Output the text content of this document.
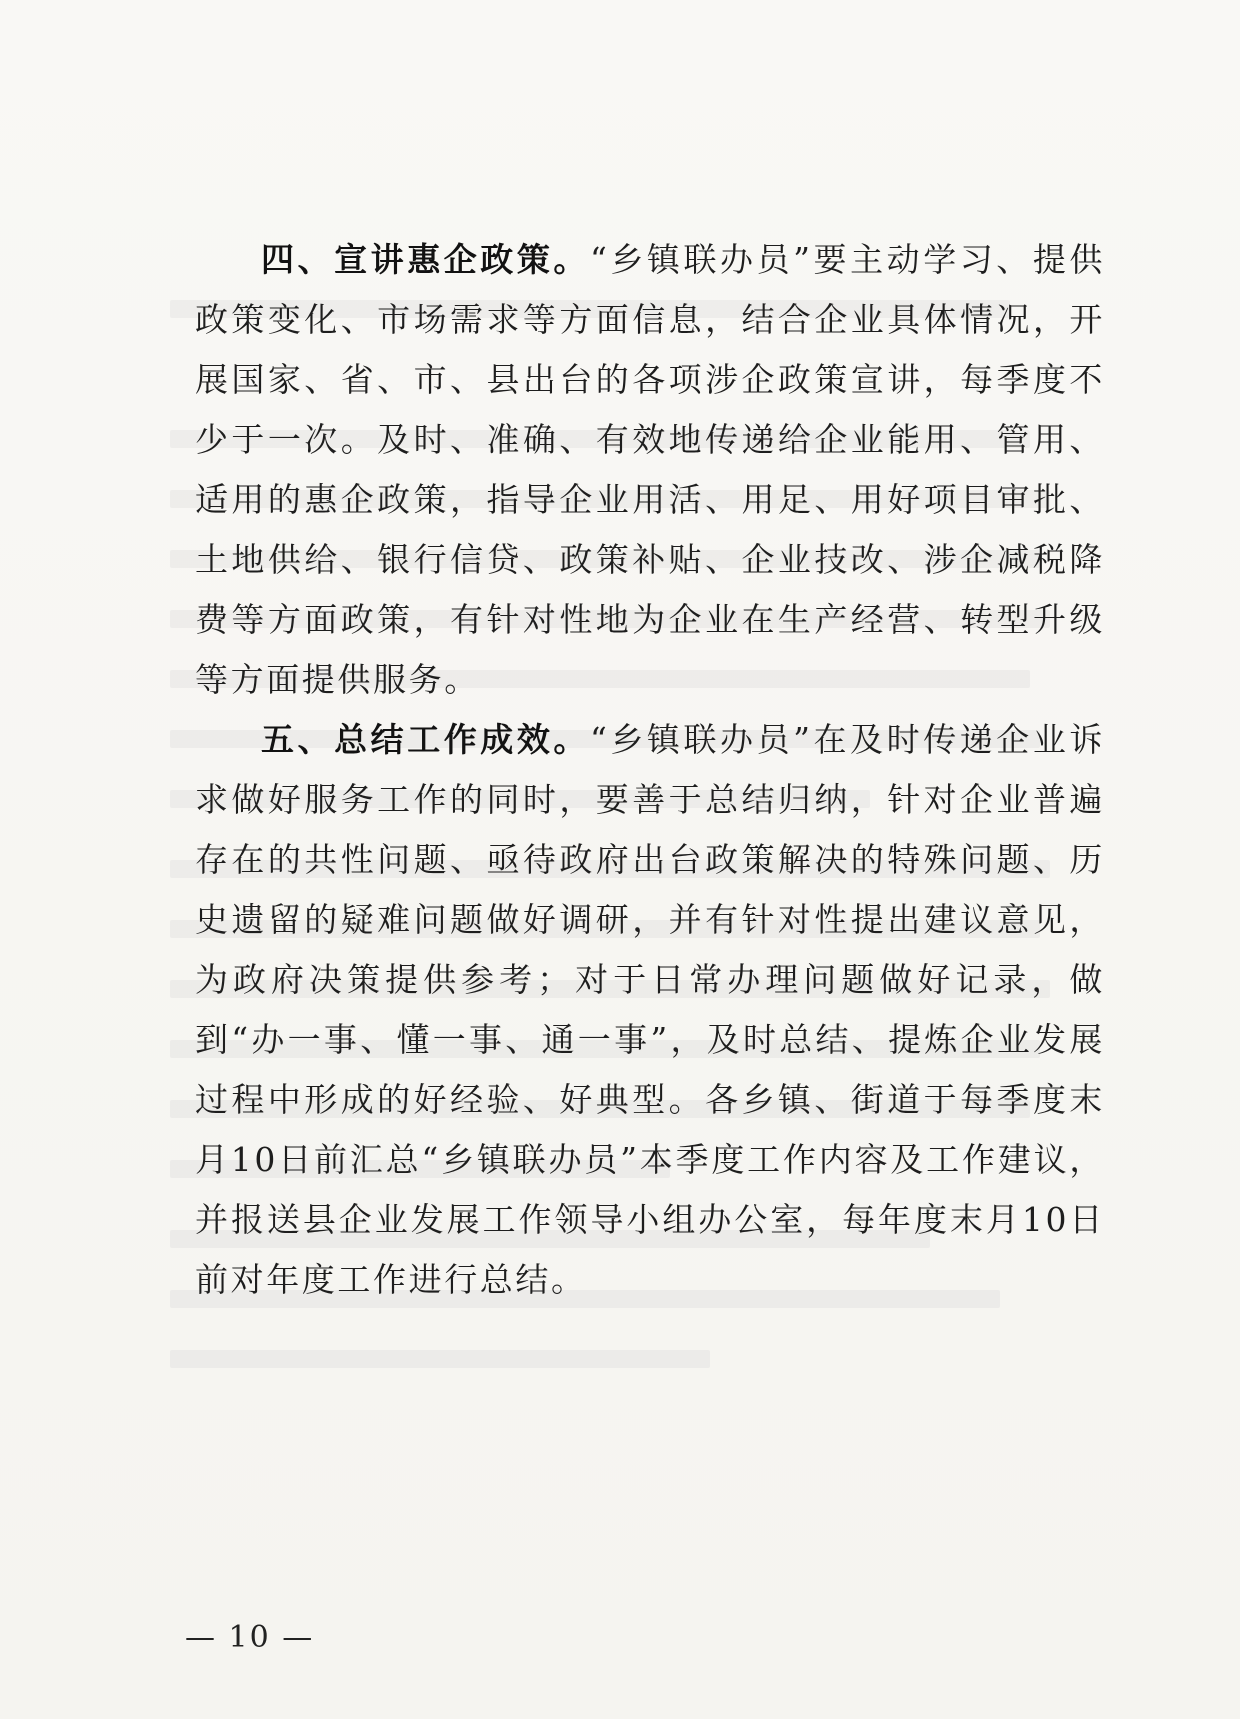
四、宣讲惠企政策。“乡镇联办员”要主动学习、提供政策变化、市场需求等方面信息，结合企业具体情况，开展国家、省、市、县出台的各项涉企政策宣讲，每季度不少于一次。及时、准确、有效地传递给企业能用、管用、适用的惠企政策，指导企业用活、用足、用好项目审批、土地供给、银行信贷、政策补贴、企业技改、涉企减税降费等方面政策，有针对性地为企业在生产经营、转型升级等方面提供服务。

五、总结工作成效。“乡镇联办员”在及时传递企业诉求做好服务工作的同时，要善于总结归纳，针对企业普遍存在的共性问题、亟待政府出台政策解决的特殊问题、历史遗留的疑难问题做好调研，并有针对性提出建议意见，为政府决策提供参考；对于日常办理问题做好记录，做到“办一事、懂一事、通一事”，及时总结、提炼企业发展过程中形成的好经验、好典型。各乡镇、街道于每季度末月10日前汇总“乡镇联办员”本季度工作内容及工作建议，并报送县企业发展工作领导小组办公室，每年度末月10日前对年度工作进行总结。

— 10 —
